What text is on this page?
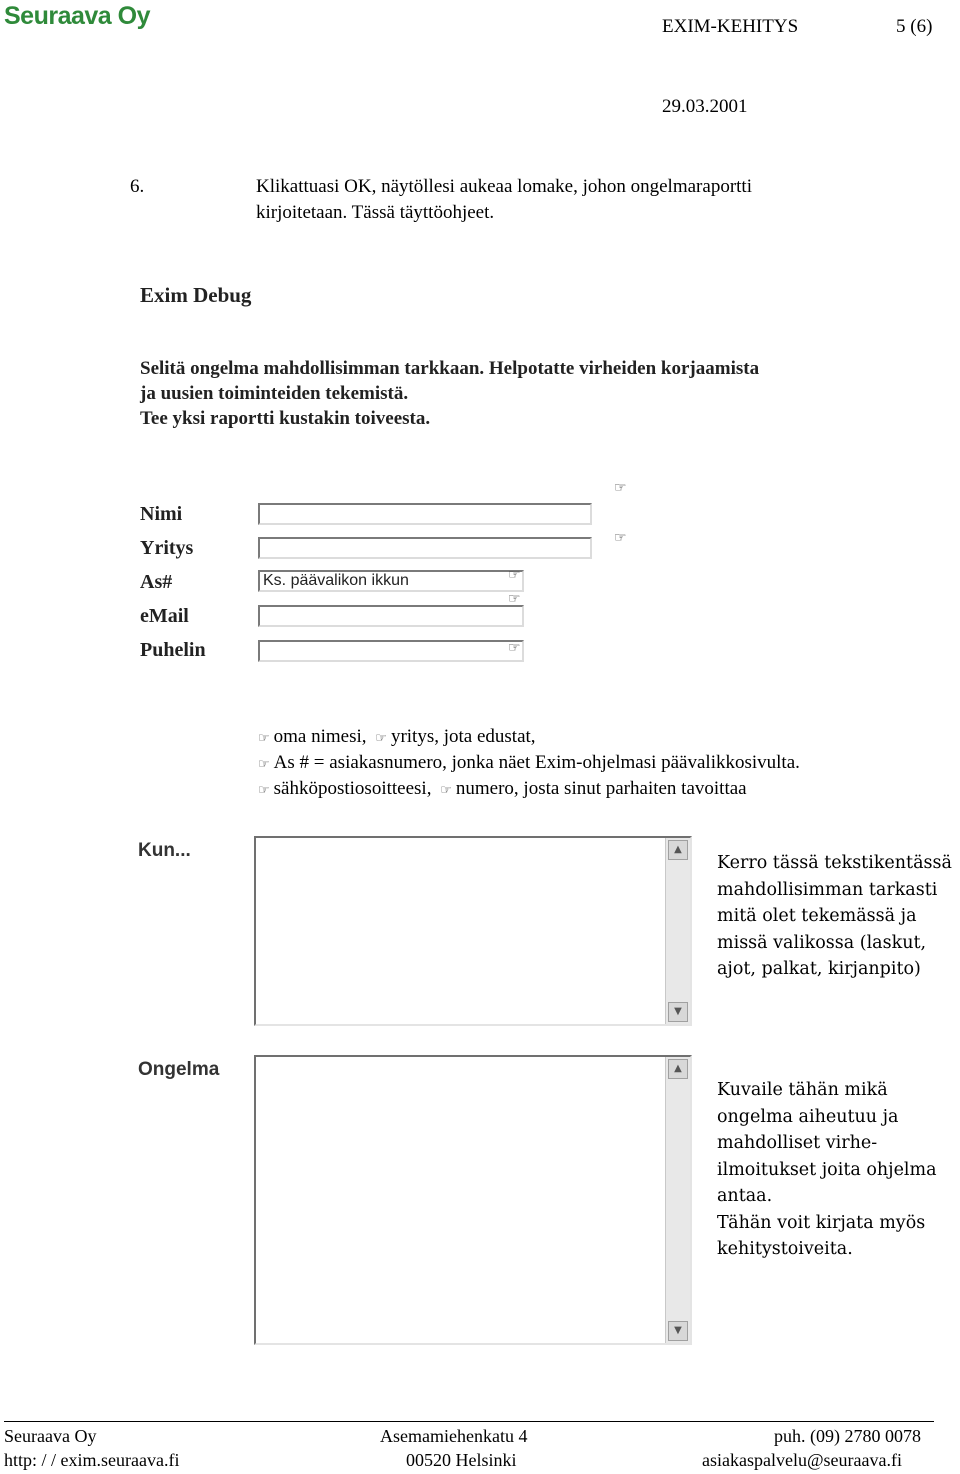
Seuraava Oy	EXIM-KEHITYS	5 (6)
29.03.2001
6.	Klikattuasi OK, näytöllesi aukeaa lomake, johon ongelmaraportti
kirjoitetaan. Tässä täyttöohjeet.
Exim Debug
Selitä ongelma mahdollisimman tarkkaan. Helpotatte virheiden korjaamista
ja uusien toiminteiden tekemistä.
Tee yksi raportti kustakin toiveesta.
Nimi
Yritys
As#	Ks. päävalikon ikkun
eMail
Puhelin
☞
☞
☞
☞
☞
☞ oma nimesi, ☞ yritys, jota edustat,
☞ As # = asiakasnumero, jonka näet Exim-ohjelmasi päävalikkosivulta.
☞ sähköpostiosoitteesi, ☞ numero, josta sinut parhaiten tavoittaa
Kun...	▲
▼
Kerro tässä tekstikentässä
mahdollisimman tarkasti
mitä olet tekemässä ja
missä valikossa (laskut,
ajot, palkat, kirjanpito)
Ongelma	▲
▼
Kuvaile tähän mikä
ongelma aiheutuu ja
mahdolliset virhe-
ilmoitukset joita ohjelma
antaa.
Tähän voit kirjata myös
kehitystoiveita.
Seuraava Oy
http: / / exim.seuraava.fi
Asemamiehenkatu 4
00520 Helsinki
puh. (09) 2780 0078
asiakaspalvelu@seuraava.fi
